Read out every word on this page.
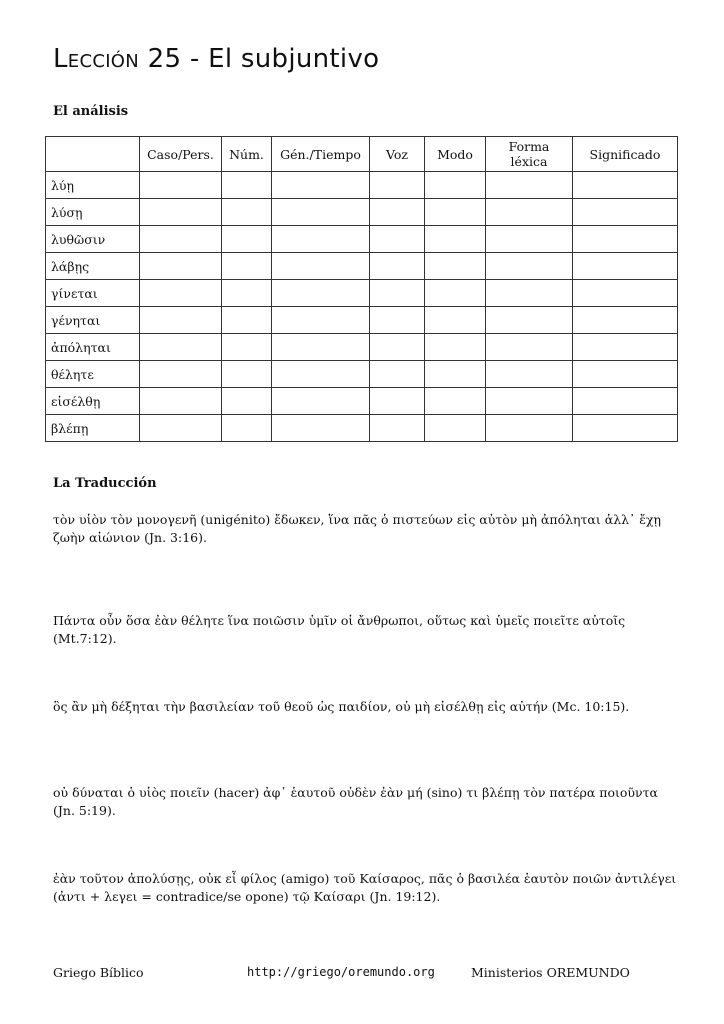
Lección 25 - El subjuntivo
El análisis
	Caso/Pers.	Núm.	Gén./Tiempo	Voz	Modo	Forma léxica	Significado
λύῃ							
λύσῃ							
λυθῶσιν							
λάβῃς							
γίνεται							
γένηται							
ἀπόληται							
θέλητε							
εἰσέλθῃ							
βλέπῃ							
La Traducción

τὸν υἱὸν τὸν μονογενῆ (unigénito) ἔδωκεν, ἵνα πᾶς ὁ πιστεύων εἰς αὐτὸν μὴ ἀπόληται ἀλλ᾽ ἔχῃ ζωὴν αἰώνιον (Jn. 3:16).

Πάντα οὖν ὅσα ἐὰν θέλητε ἵνα ποιῶσιν ὑμῖν οἱ ἄνθρωποι, οὕτως καὶ ὑμεῖς ποιεῖτε αὐτοῖς (Mt.7:12).

ὃς ἂν μὴ δέξηται τὴν βασιλείαν τοῦ θεοῦ ὡς παιδίον, οὐ μὴ εἰσέλθῃ εἰς αὐτήν (Mc. 10:15).

οὐ δύναται ὁ υἱὸς ποιεῖν (hacer) ἀφ᾽ ἑαυτοῦ οὐδὲν ἐὰν μή (sino) τι βλέπῃ τὸν πατέρα ποιοῦντα (Jn. 5:19).

ἐὰν τοῦτον ἀπολύσῃς, οὐκ εἶ φίλος (amigo) τοῦ Καίσαρος, πᾶς ὁ βασιλέα ἑαυτὸν ποιῶν ἀντιλέγει (ἀντι + λεγει = contradice/se opone) τῷ Καίσαρι (Jn. 19:12).

Griego Bíblico	http://griego/oremundo.org	Ministerios OREMUNDO
